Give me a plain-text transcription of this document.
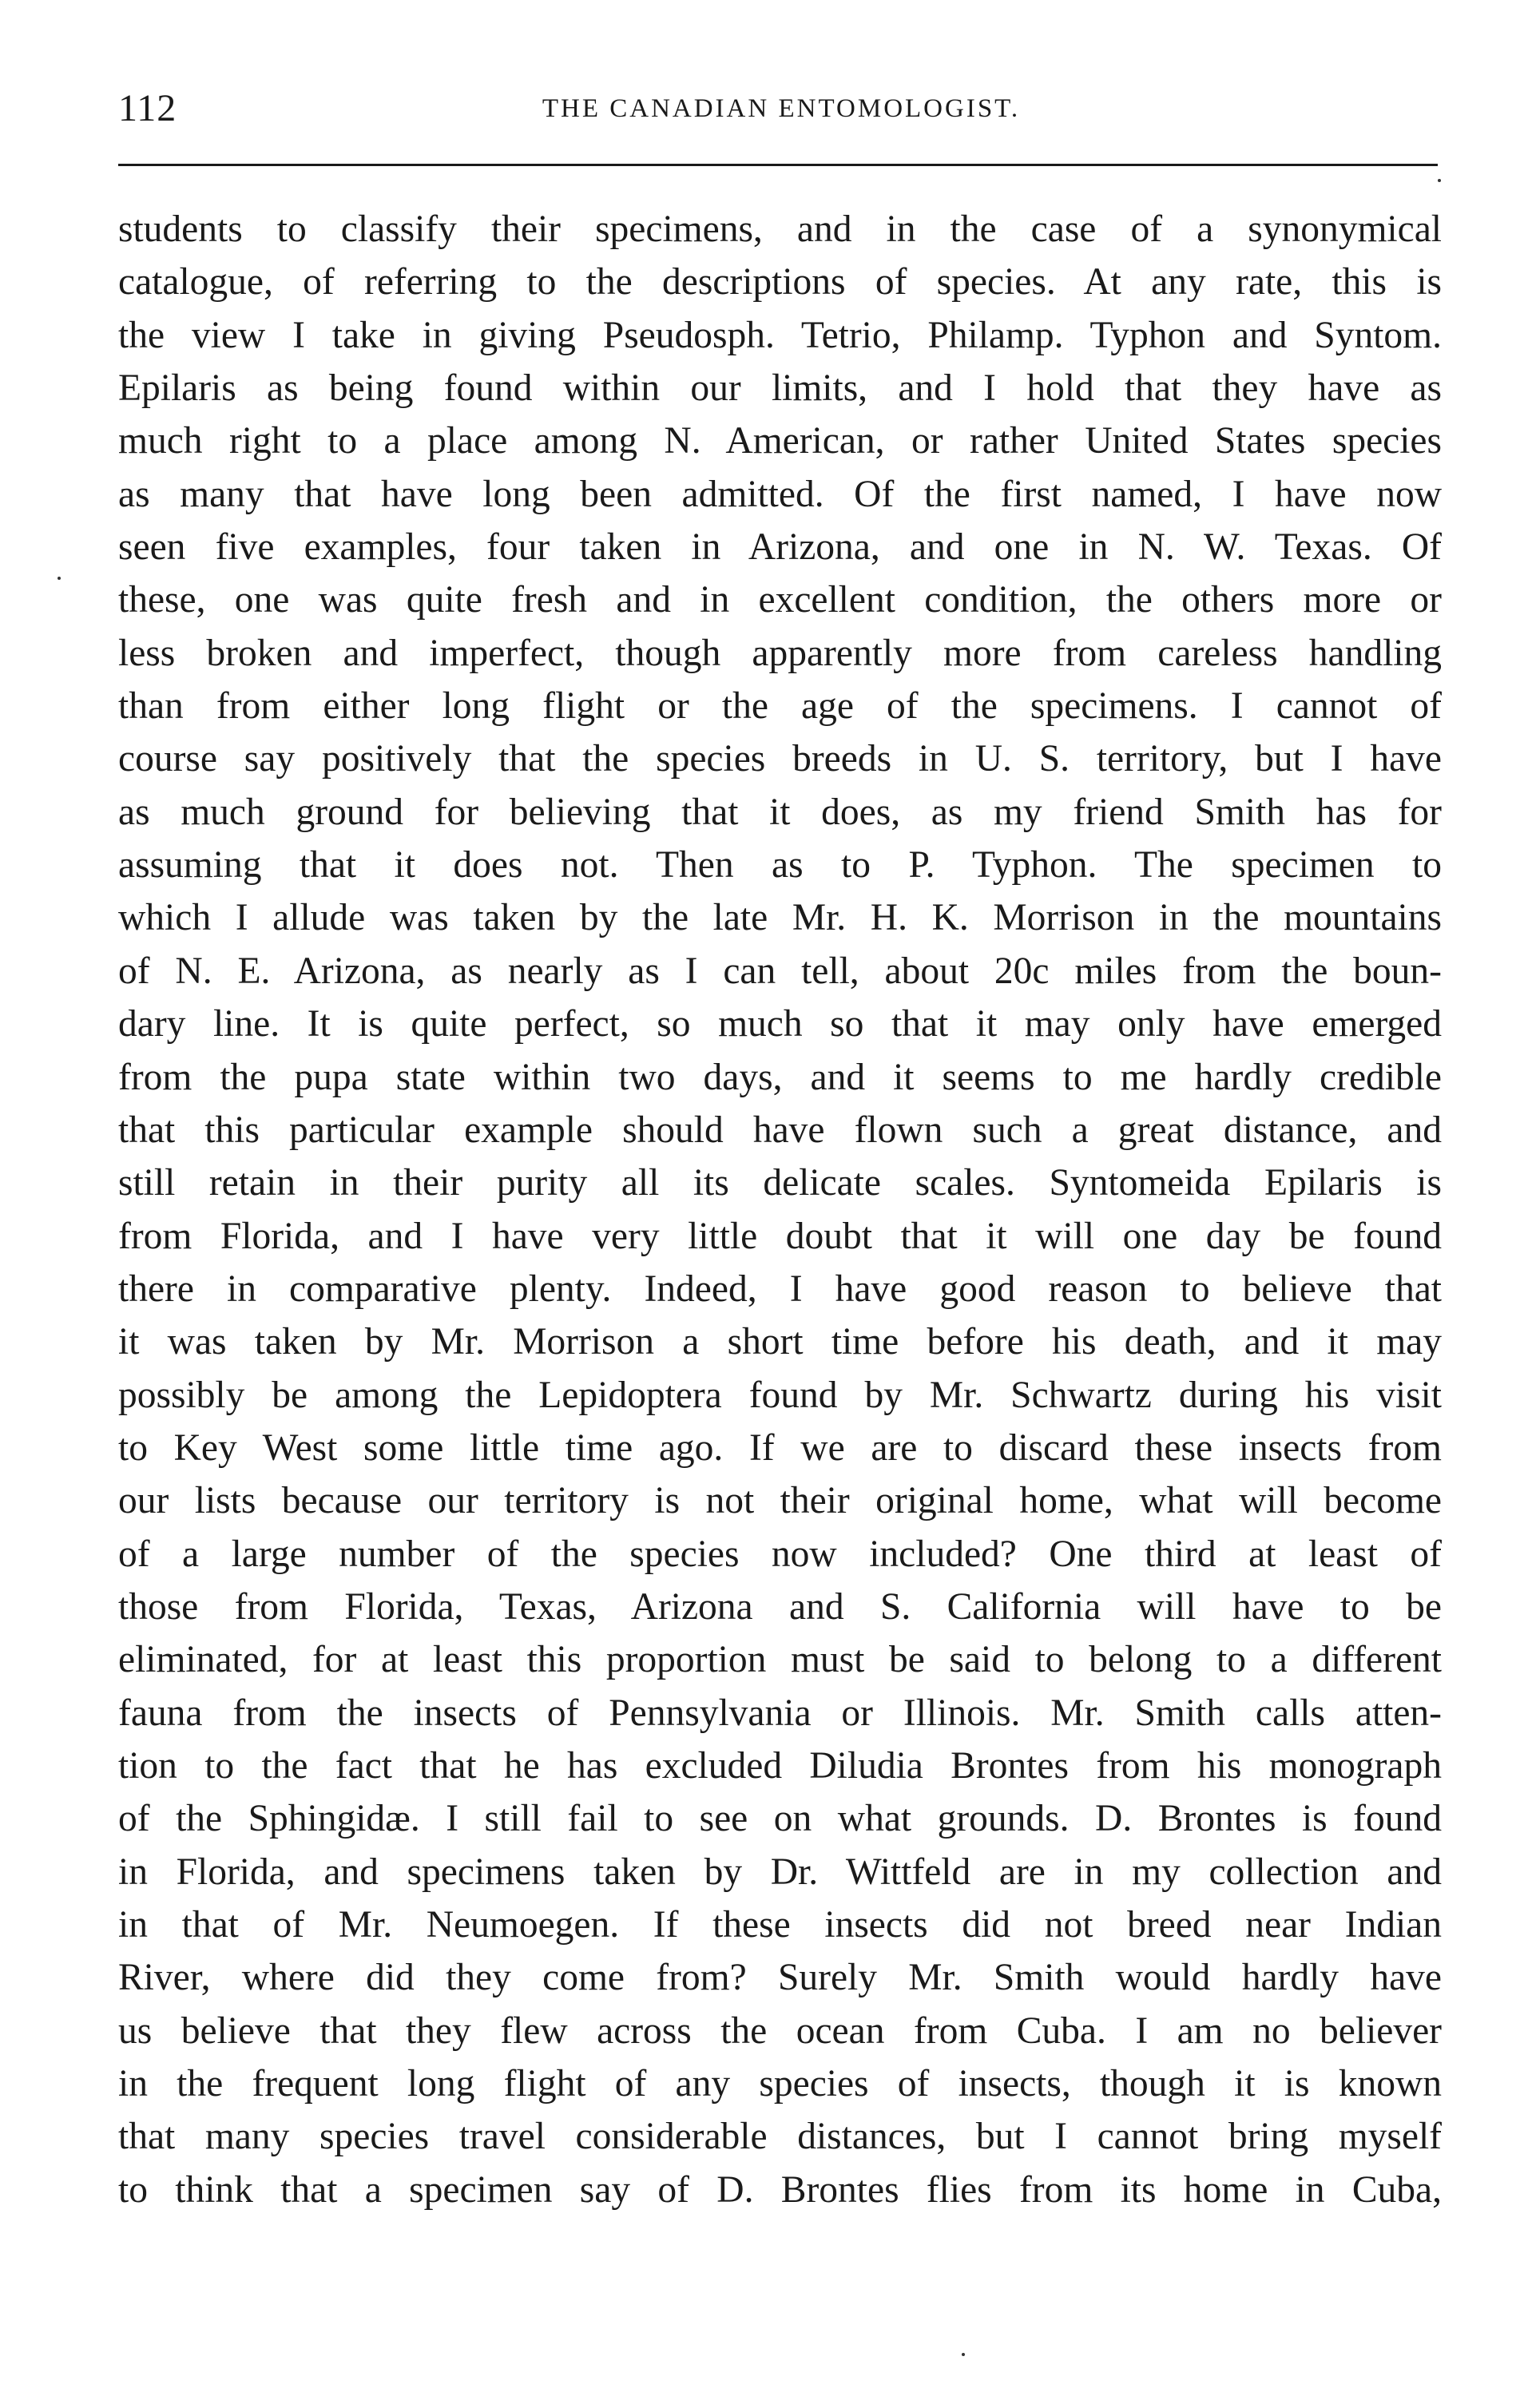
112	THE CANADIAN ENTOMOLOGIST.
students to classify their specimens, and in the case of a synonymical
catalogue, of referring to the descriptions of species. At any rate, this is
the view I take in giving Pseudosph. Tetrio, Philamp. Typhon and Syntom.
Epilaris as being found within our limits, and I hold that they have as
much right to a place among N. American, or rather United States species
as many that have long been admitted. Of the first named, I have now
seen five examples, four taken in Arizona, and one in N. W. Texas. Of
these, one was quite fresh and in excellent condition, the others more or
less broken and imperfect, though apparently more from careless handling
than from either long flight or the age of the specimens. I cannot of
course say positively that the species breeds in U. S. territory, but I have
as much ground for believing that it does, as my friend Smith has for
assuming that it does not. Then as to P. Typhon. The specimen to
which I allude was taken by the late Mr. H. K. Morrison in the mountains
of N. E. Arizona, as nearly as I can tell, about 20c miles from the boun-
dary line. It is quite perfect, so much so that it may only have emerged
from the pupa state within two days, and it seems to me hardly credible
that this particular example should have flown such a great distance, and
still retain in their purity all its delicate scales. Syntomeida Epilaris is
from Florida, and I have very little doubt that it will one day be found
there in comparative plenty. Indeed, I have good reason to believe that
it was taken by Mr. Morrison a short time before his death, and it may
possibly be among the Lepidoptera found by Mr. Schwartz during his visit
to Key West some little time ago. If we are to discard these insects from
our lists because our territory is not their original home, what will become
of a large number of the species now included? One third at least of
those from Florida, Texas, Arizona and S. California will have to be
eliminated, for at least this proportion must be said to belong to a different
fauna from the insects of Pennsylvania or Illinois. Mr. Smith calls atten-
tion to the fact that he has excluded Diludia Brontes from his monograph
of the Sphingidæ. I still fail to see on what grounds. D. Brontes is found
in Florida, and specimens taken by Dr. Wittfeld are in my collection and
in that of Mr. Neumoegen. If these insects did not breed near Indian
River, where did they come from? Surely Mr. Smith would hardly have
us believe that they flew across the ocean from Cuba. I am no believer
in the frequent long flight of any species of insects, though it is known
that many species travel considerable distances, but I cannot bring myself
to think that a specimen say of D. Brontes flies from its home in Cuba,
